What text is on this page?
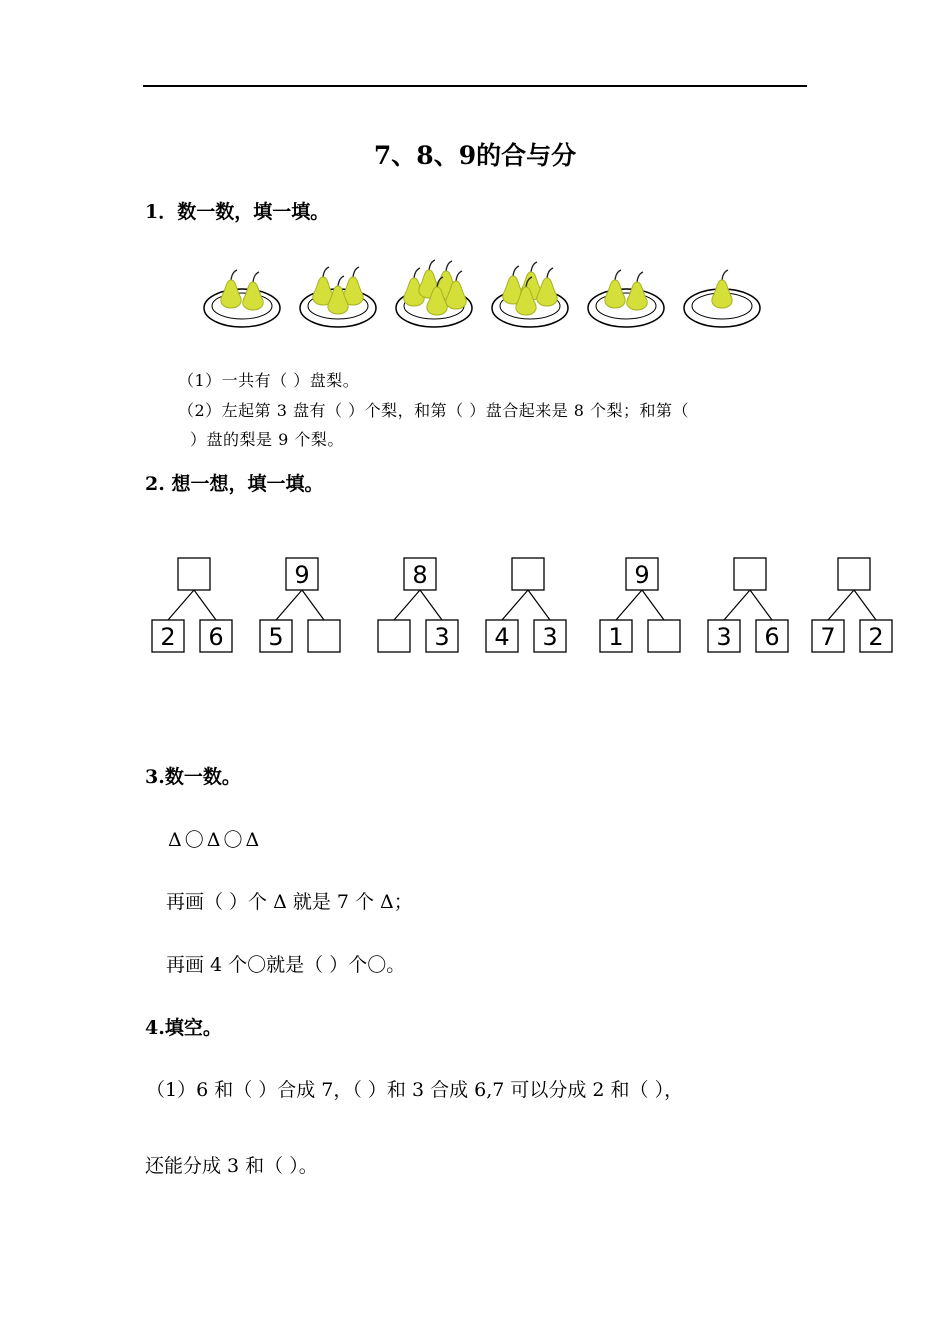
7、8、9的合与分
1．数一数，填一填。
（1）一共有（ ）盘梨。
（2）左起第 3 盘有（ ）个梨，和第（ ）盘合起来是 8 个梨；和第（
）盘的梨是 9 个梨。
2. 想一想，填一填。
2 6
9
5
8
3 4 3
9
1	3 6 7 2
3.数一数。
Δ〇Δ〇Δ
再画（ ）个 Δ 就是 7 个 Δ；
再画 4 个〇就是（ ）个〇。
4.填空。
（1）6 和（ ）合成 7，（ ）和 3 合成 6,7 可以分成 2 和（ ），
还能分成 3 和（ ）。
